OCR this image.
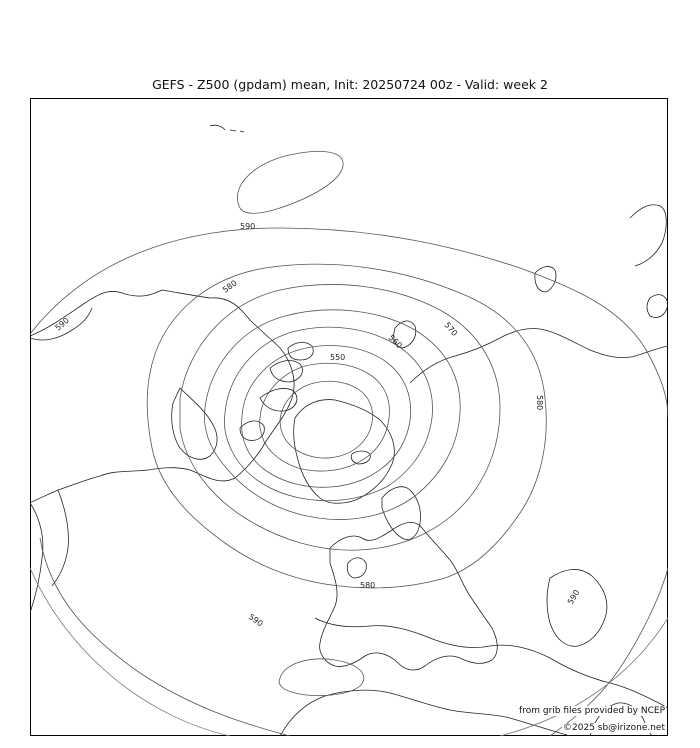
GEFS - Z500 (gpdam) mean, Init: 20250724 00z - Valid: week 2
590
590
590
590
580
580
580
570
560
550
from grib files provided by NCEP
©2025 sb@irizone.net
